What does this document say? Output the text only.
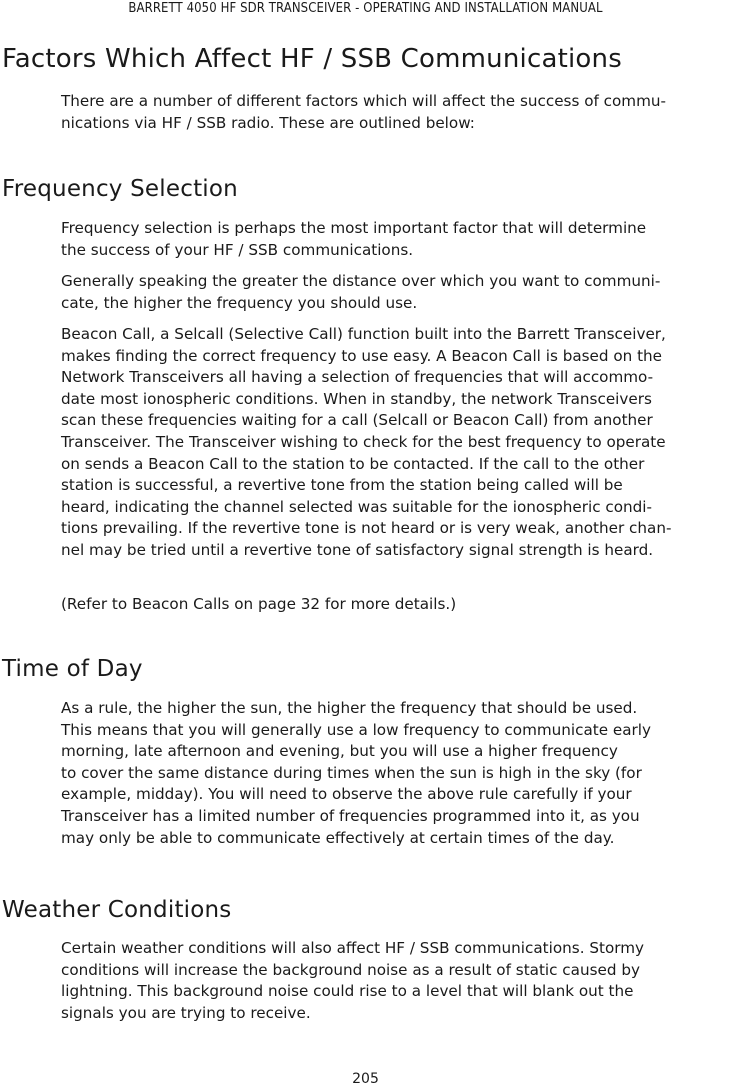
BARRETT 4050 HF SDR TRANSCEIVER - OPERATING AND INSTALLATION MANUAL
Factors Which Affect HF / SSB Communications

There are a number of different factors which will affect the success of commu-
nications via HF / SSB radio. These are outlined below:

Frequency Selection

Frequency selection is perhaps the most important factor that will determine
the success of your HF / SSB communications.

Generally speaking the greater the distance over which you want to communi-
cate, the higher the frequency you should use.

Beacon Call, a Selcall (Selective Call) function built into the Barrett Transceiver,
makes finding the correct frequency to use easy. A Beacon Call is based on the
Network Transceivers all having a selection of frequencies that will accommo-
date most ionospheric conditions. When in standby, the network Transceivers
scan these frequencies waiting for a call (Selcall or Beacon Call) from another
Transceiver. The Transceiver wishing to check for the best frequency to operate
on sends a Beacon Call to the station to be contacted. If the call to the other
station is successful, a revertive tone from the station being called will be
heard, indicating the channel selected was suitable for the ionospheric condi-
tions prevailing. If the revertive tone is not heard or is very weak, another chan-
nel may be tried until a revertive tone of satisfactory signal strength is heard.

(Refer to Beacon Calls on page 32 for more details.)

Time of Day

As a rule, the higher the sun, the higher the frequency that should be used.
This means that you will generally use a low frequency to communicate early
morning, late afternoon and evening, but you will use a higher frequency
to cover the same distance during times when the sun is high in the sky (for
example, midday). You will need to observe the above rule carefully if your
Transceiver has a limited number of frequencies programmed into it, as you
may only be able to communicate effectively at certain times of the day.

Weather Conditions

Certain weather conditions will also affect HF / SSB communications. Stormy
conditions will increase the background noise as a result of static caused by
lightning. This background noise could rise to a level that will blank out the
signals you are trying to receive.

205
